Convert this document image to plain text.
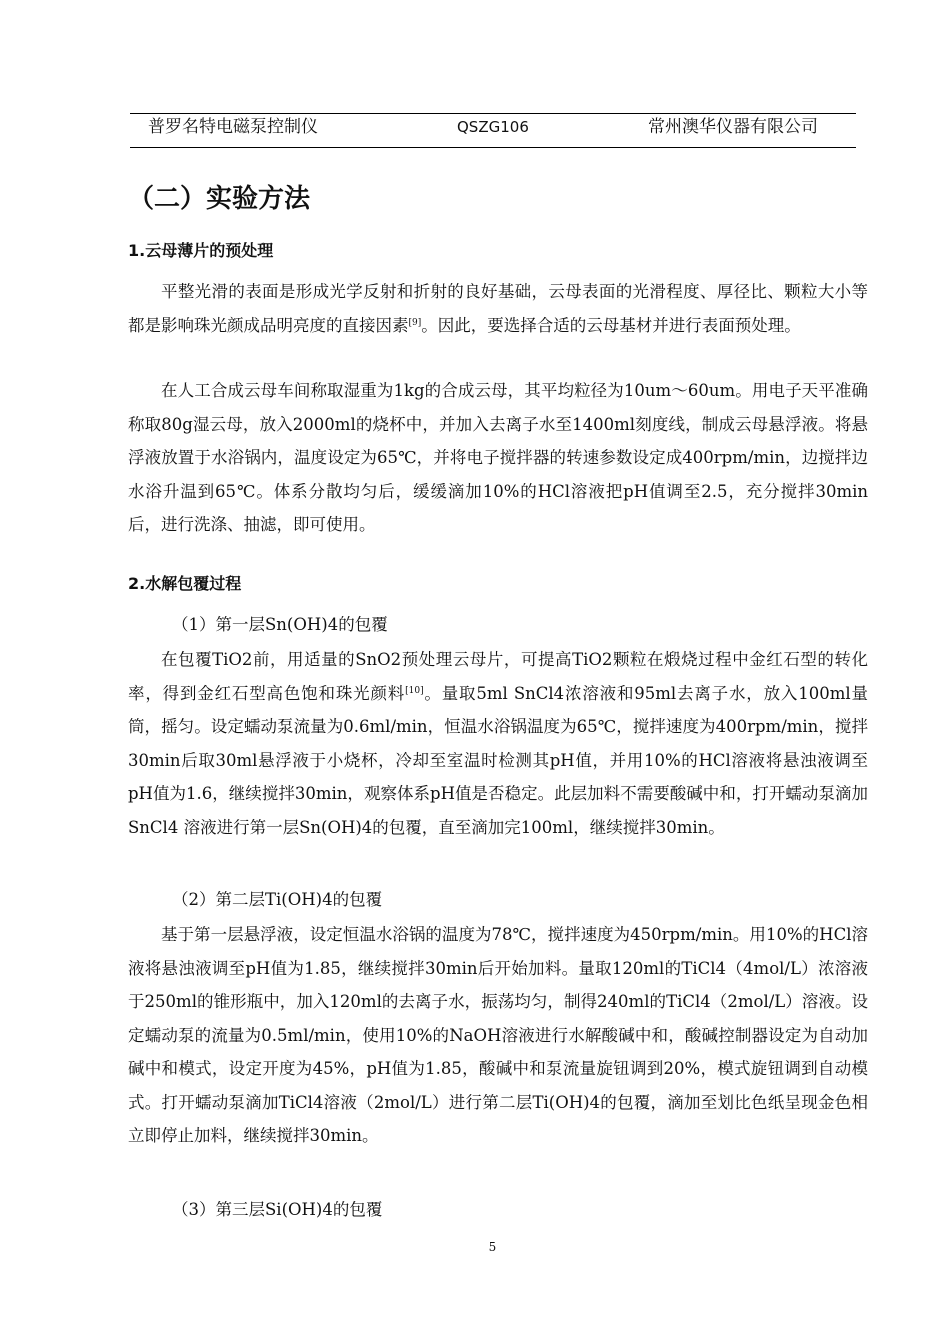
普罗名特电磁泵控制仪	QSZG106	常州澳华仪器有限公司
（二）实验方法
1.云母薄片的预处理

平整光滑的表面是形成光学反射和折射的良好基础，云母表面的光滑程度、厚径比、颗粒大小等都是影响珠光颜成品明亮度的直接因素[9]。因此，要选择合适的云母基材并进行表面预处理。

在人工合成云母车间称取湿重为1kg的合成云母，其平均粒径为10um～60um。用电子天平准确称取80g湿云母，放入2000ml的烧杯中，并加入去离子水至1400ml刻度线，制成云母悬浮液。将悬浮液放置于水浴锅内，温度设定为65℃，并将电子搅拌器的转速参数设定成400rpm/min，边搅拌边水浴升温到65℃。体系分散均匀后，缓缓滴加10%的HCl溶液把pH值调至2.5，充分搅拌30min后，进行洗涤、抽滤，即可使用。

2.水解包覆过程
（1）第一层Sn(OH)4的包覆

在包覆TiO2前，用适量的SnO2预处理云母片，可提高TiO2颗粒在煅烧过程中金红石型的转化率，得到金红石型高色饱和珠光颜料[10]。量取5ml SnCl4浓溶液和95ml去离子水，放入100ml量筒，摇匀。设定蠕动泵流量为0.6ml/min，恒温水浴锅温度为65℃，搅拌速度为400rpm/min，搅拌30min后取30ml悬浮液于小烧杯，冷却至室温时检测其pH值，并用10%的HCl溶液将悬浊液调至pH值为1.6，继续搅拌30min，观察体系pH值是否稳定。此层加料不需要酸碱中和，打开蠕动泵滴加SnCl4 溶液进行第一层Sn(OH)4的包覆，直至滴加完100ml，继续搅拌30min。

（2）第二层Ti(OH)4的包覆

基于第一层悬浮液，设定恒温水浴锅的温度为78℃，搅拌速度为450rpm/min。用10%的HCl溶液将悬浊液调至pH值为1.85，继续搅拌30min后开始加料。量取120ml的TiCl4（4mol/L）浓溶液于250ml的锥形瓶中，加入120ml的去离子水，振荡均匀，制得240ml的TiCl4（2mol/L）溶液。设定蠕动泵的流量为0.5ml/min，使用10%的NaOH溶液进行水解酸碱中和，酸碱控制器设定为自动加碱中和模式，设定开度为45%，pH值为1.85，酸碱中和泵流量旋钮调到20%，模式旋钮调到自动模式。打开蠕动泵滴加TiCl4溶液（2mol/L）进行第二层Ti(OH)4的包覆，滴加至划比色纸呈现金色相立即停止加料，继续搅拌30min。

（3）第三层Si(OH)4的包覆
5
